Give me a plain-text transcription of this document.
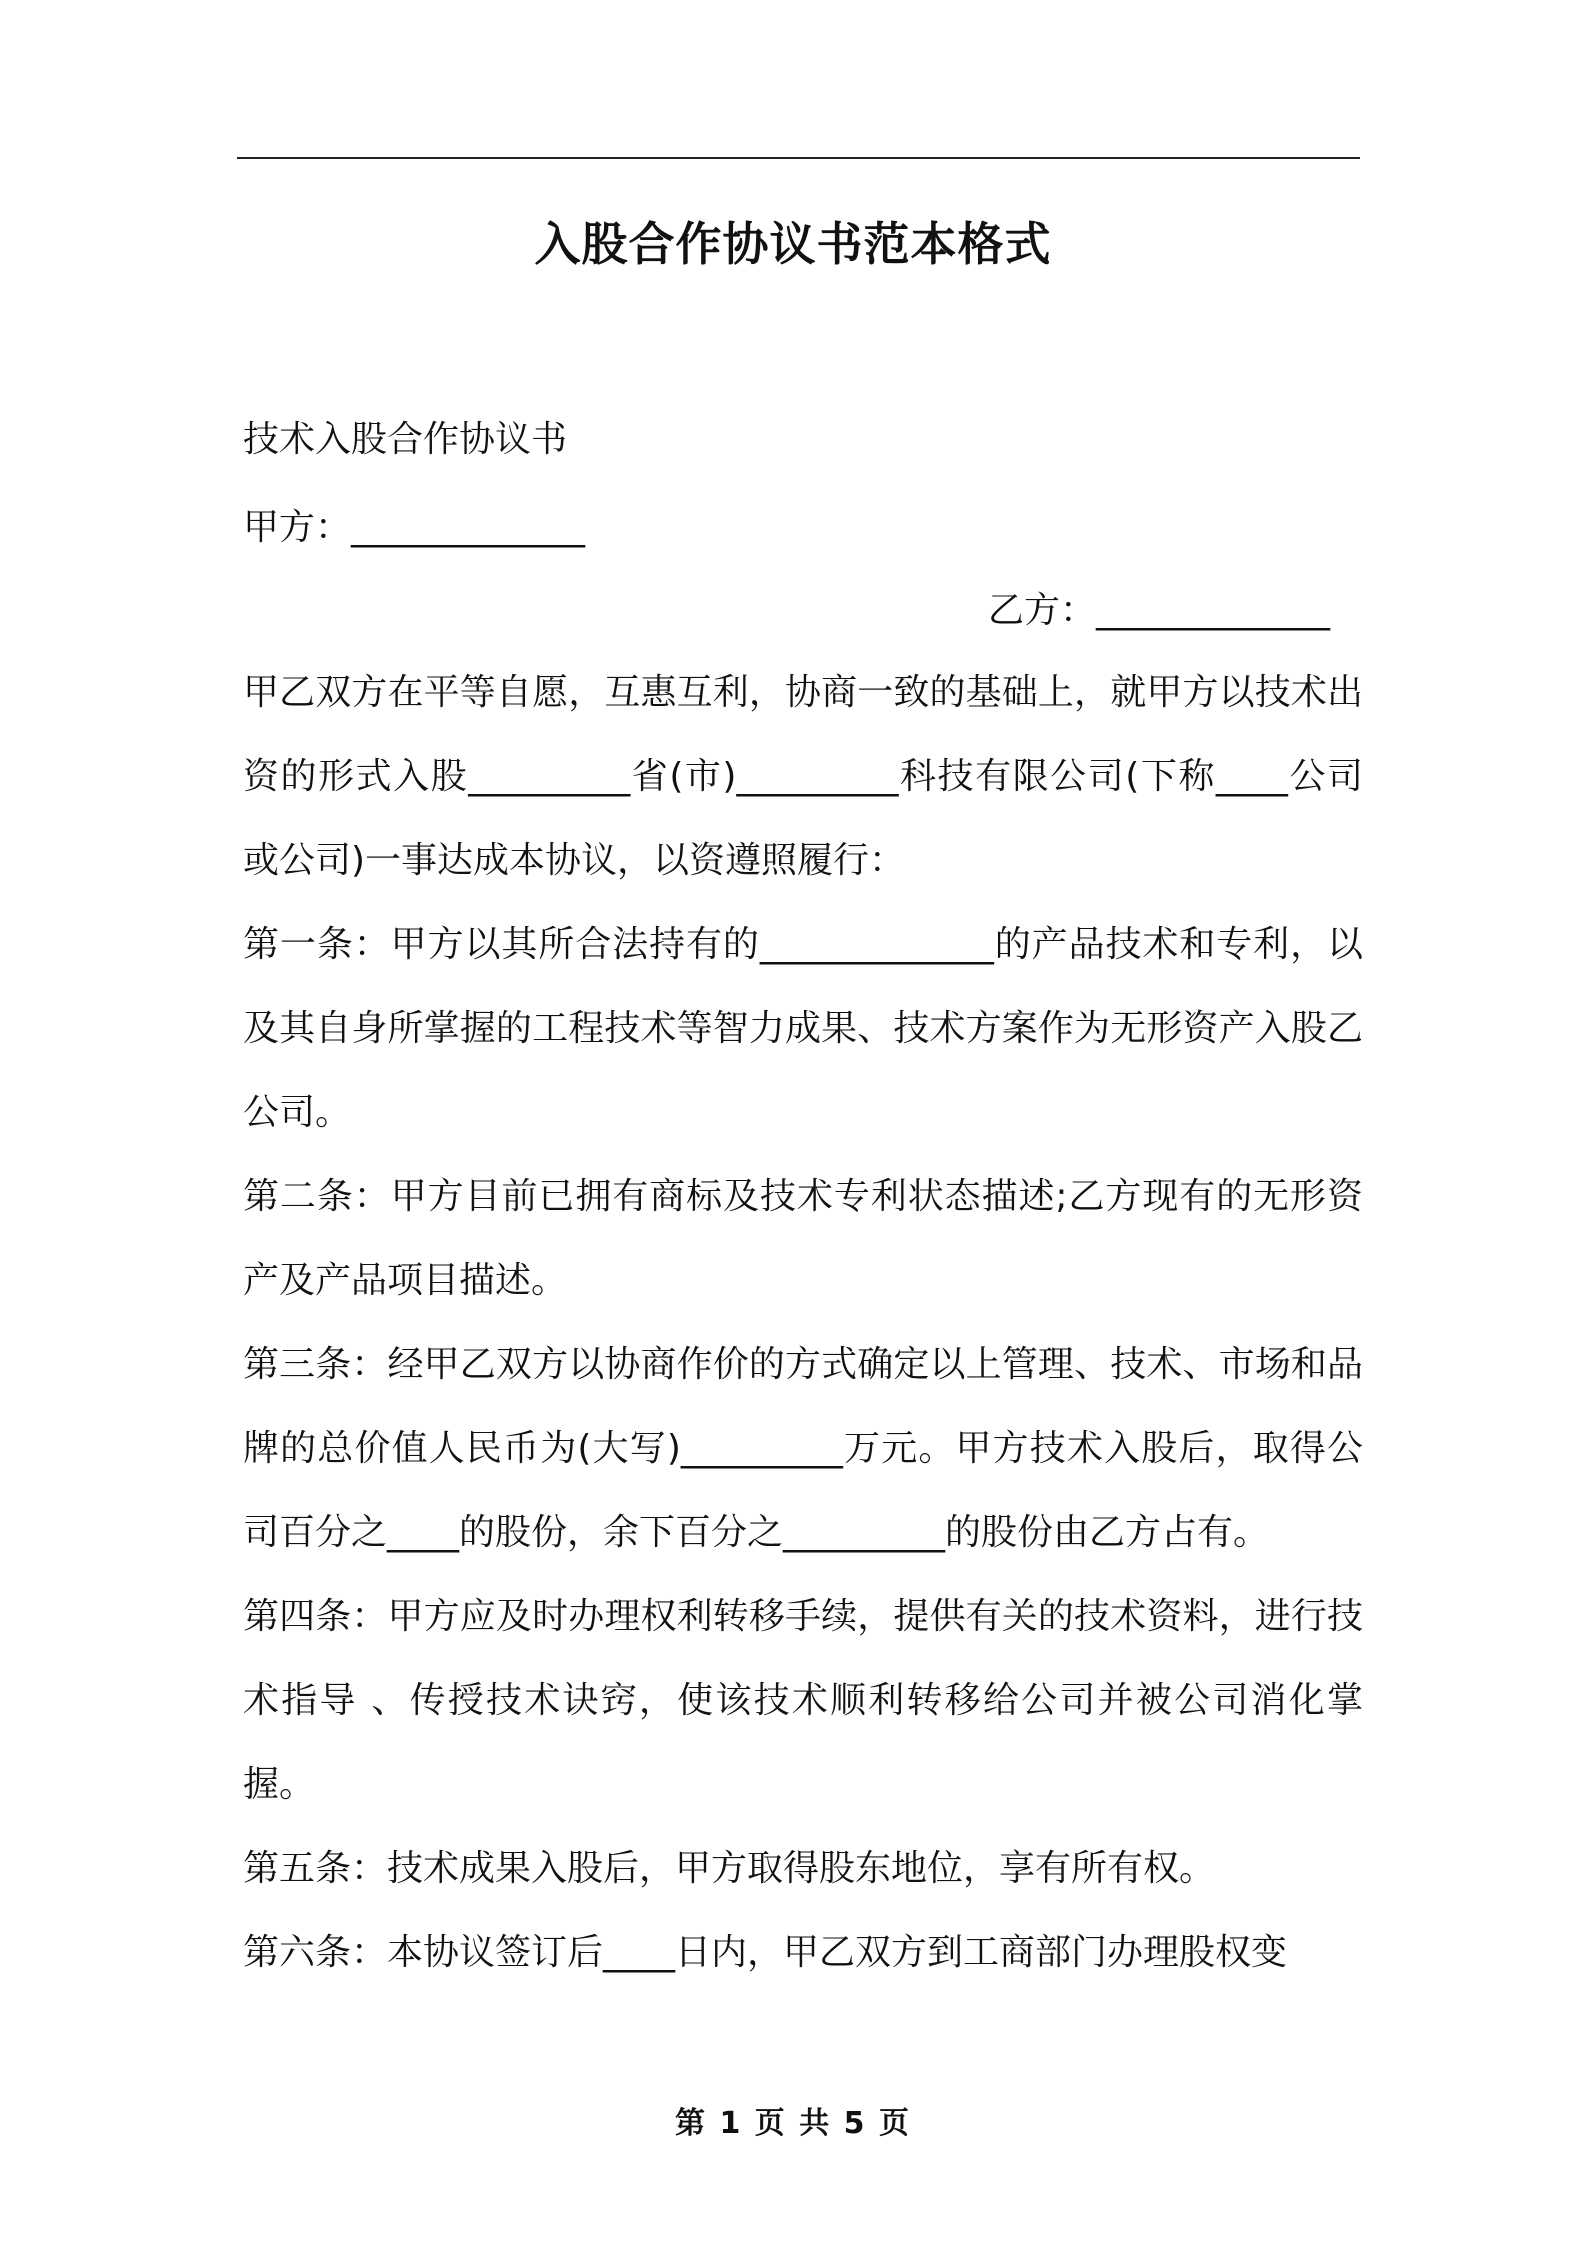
入股合作协议书范本格式
技术入股合作协议书
甲方：_____________
乙方：_____________

甲乙双方在平等自愿，互惠互利，协商一致的基础上，就甲方以技术出资的形式入股_________省(市)_________科技有限公司(下称____公司或公司)一事达成本协议，以资遵照履行：

第一条：甲方以其所合法持有的_____________的产品技术和专利，以及其自身所掌握的工程技术等智力成果、技术方案作为无形资产入股乙公司。

第二条：甲方目前已拥有商标及技术专利状态描述;乙方现有的无形资产及产品项目描述。

第三条：经甲乙双方以协商作价的方式确定以上管理、技术、市场和品牌的总价值人民币为(大写)_________万元。甲方技术入股后，取得公司百分之____的股份，余下百分之_________的股份由乙方占有。

第四条：甲方应及时办理权利转移手续，提供有关的技术资料，进行技术指导 、传授技术诀窍，使该技术顺利转移给公司并被公司消化掌握。

第五条：技术成果入股后，甲方取得股东地位，享有所有权。

第六条：本协议签订后____日内，甲乙双方到工商部门办理股权变

第 1 页 共 5 页
